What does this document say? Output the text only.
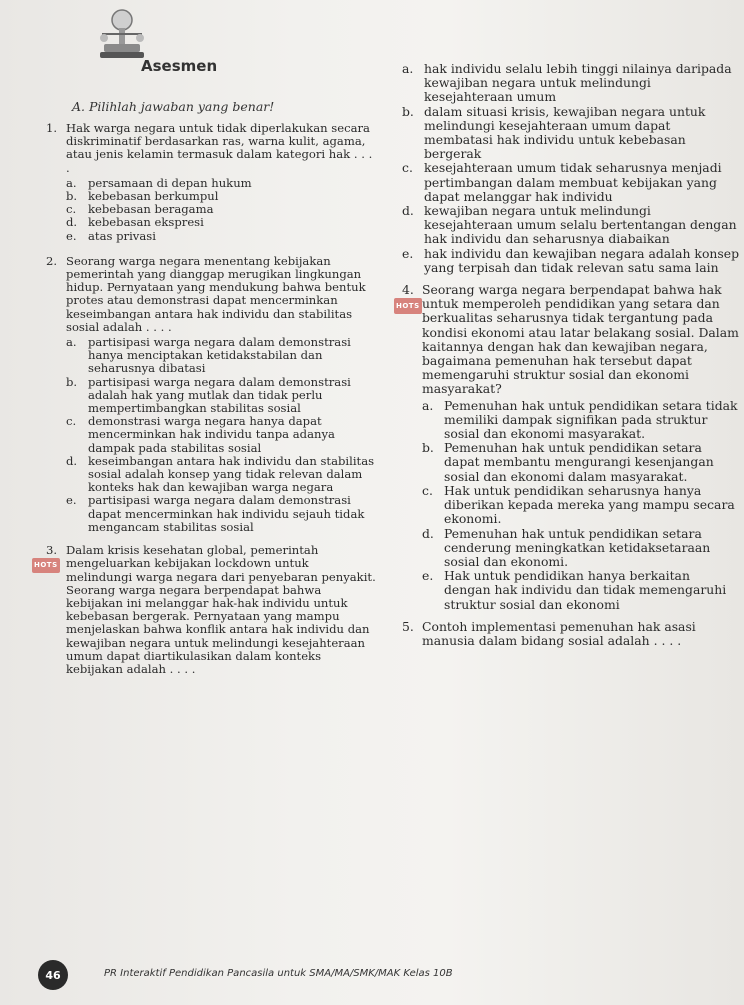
Asesmen
A. Pilihlah jawaban yang benar!
1. Hak warga negara untuk tidak diperlakukan secara diskriminatif berdasarkan ras, warna kulit, agama, atau jenis kelamin termasuk dalam kategori hak . . . .
a. persamaan di depan hukum
b. kebebasan berkumpul
c.	kebebasan beragama
d. kebebasan ekspresi
e. atas privasi
2. Seorang warga negara menentang kebijakan pemerintah yang dianggap merugikan lingkungan hidup. Pernyataan yang mendukung bahwa bentuk protes atau demonstrasi dapat mencerminkan keseimbangan antara hak individu dan stabilitas sosial adalah . . . .
a. partisipasi warga negara dalam demonstrasi hanya menciptakan ketidakstabilan dan seharusnya dibatasi
b. partisipasi warga negara dalam demonstrasi adalah hak yang mutlak dan tidak perlu mempertimbangkan stabilitas sosial
c.	demonstrasi warga negara hanya dapat mencerminkan hak individu tanpa adanya dampak pada stabilitas sosial
d. keseimbangan antara hak individu dan stabilitas sosial adalah konsep yang tidak relevan dalam konteks hak dan kewajiban warga negara
e. partisipasi warga negara dalam demonstrasi dapat mencerminkan hak individu sejauh tidak mengancam stabilitas sosial
HOTS
3. Dalam krisis kesehatan global, pemerintah mengeluarkan kebijakan lockdown untuk melindungi warga negara dari penyebaran penyakit. Seorang warga negara berpendapat bahwa kebijakan ini melanggar hak-hak individu untuk kebebasan bergerak. Pernyataan yang mampu menjelaskan bahwa konflik antara hak individu dan kewajiban negara untuk melindungi kesejahteraan umum dapat diartikulasikan dalam konteks kebijakan adalah . . . .
a. hak individu selalu lebih tinggi nilainya daripada kewajiban negara untuk melindungi kesejahteraan umum
b. dalam situasi krisis, kewajiban negara untuk melindungi kesejahteraan umum dapat membatasi hak individu untuk kebebasan bergerak
c. kesejahteraan umum tidak seharusnya menjadi pertimbangan dalam membuat kebijakan yang dapat melanggar hak individu
d. kewajiban negara untuk melindungi kesejahteraan umum selalu bertentangan dengan hak individu dan seharusnya diabaikan
e. hak individu dan kewajiban negara adalah konsep yang terpisah dan tidak relevan satu sama lain
HOTS
4. Seorang warga negara berpendapat bahwa hak untuk memperoleh pendidikan yang setara dan berkualitas seharusnya tidak tergantung pada kondisi ekonomi atau latar belakang sosial. Dalam kaitannya dengan hak dan kewajiban negara, bagaimana pemenuhan hak tersebut dapat memengaruhi struktur sosial dan ekonomi masyarakat?
a. Pemenuhan hak untuk pendidikan setara tidak memiliki dampak signifikan pada struktur sosial dan ekonomi masyarakat.
b. Pemenuhan hak untuk pendidikan setara dapat membantu mengurangi kesenjangan sosial dan ekonomi dalam masyarakat.
c. Hak untuk pendidikan seharusnya hanya diberikan kepada mereka yang mampu secara ekonomi.
d. Pemenuhan hak untuk pendidikan setara cenderung meningkatkan ketidaksetaraan sosial dan ekonomi.
e. Hak untuk pendidikan hanya berkaitan dengan hak individu dan tidak memengaruhi struktur sosial dan ekonomi
5. Contoh implementasi pemenuhan hak asasi manusia dalam bidang sosial adalah . . . .
46	PR Interaktif Pendidikan Pancasila untuk SMA/MA/SMK/MAK Kelas 10B
